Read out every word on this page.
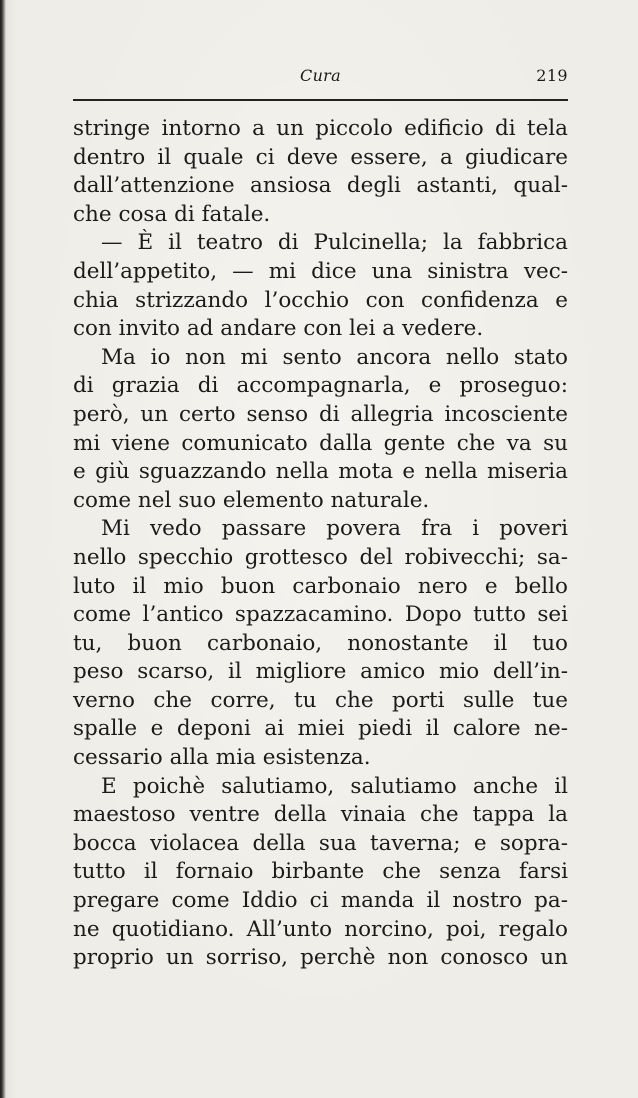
Cura	219
stringe intorno a un piccolo edificio di tela
dentro il quale ci deve essere, a giudicare
dall’attenzione ansiosa degli astanti, qual-
che cosa di fatale.
— È il teatro di Pulcinella; la fabbrica
dell’appetito, — mi dice una sinistra vec-
chia strizzando l’occhio con confidenza e
con invito ad andare con lei a vedere.
Ma io non mi sento ancora nello stato
di grazia di accompagnarla, e proseguo:
però, un certo senso di allegria incosciente
mi viene comunicato dalla gente che va su
e giù sguazzando nella mota e nella miseria
come nel suo elemento naturale.
Mi vedo passare povera fra i poveri
nello specchio grottesco del robivecchi; sa-
luto il mio buon carbonaio nero e bello
come l’antico spazzacamino. Dopo tutto sei
tu, buon carbonaio, nonostante il tuo
peso scarso, il migliore amico mio dell’in-
verno che corre, tu che porti sulle tue
spalle e deponi ai miei piedi il calore ne-
cessario alla mia esistenza.
E poichè salutiamo, salutiamo anche il
maestoso ventre della vinaia che tappa la
bocca violacea della sua taverna; e sopra-
tutto il fornaio birbante che senza farsi
pregare come Iddio ci manda il nostro pa-
ne quotidiano. All’unto norcino, poi, regalo
proprio un sorriso, perchè non conosco un
